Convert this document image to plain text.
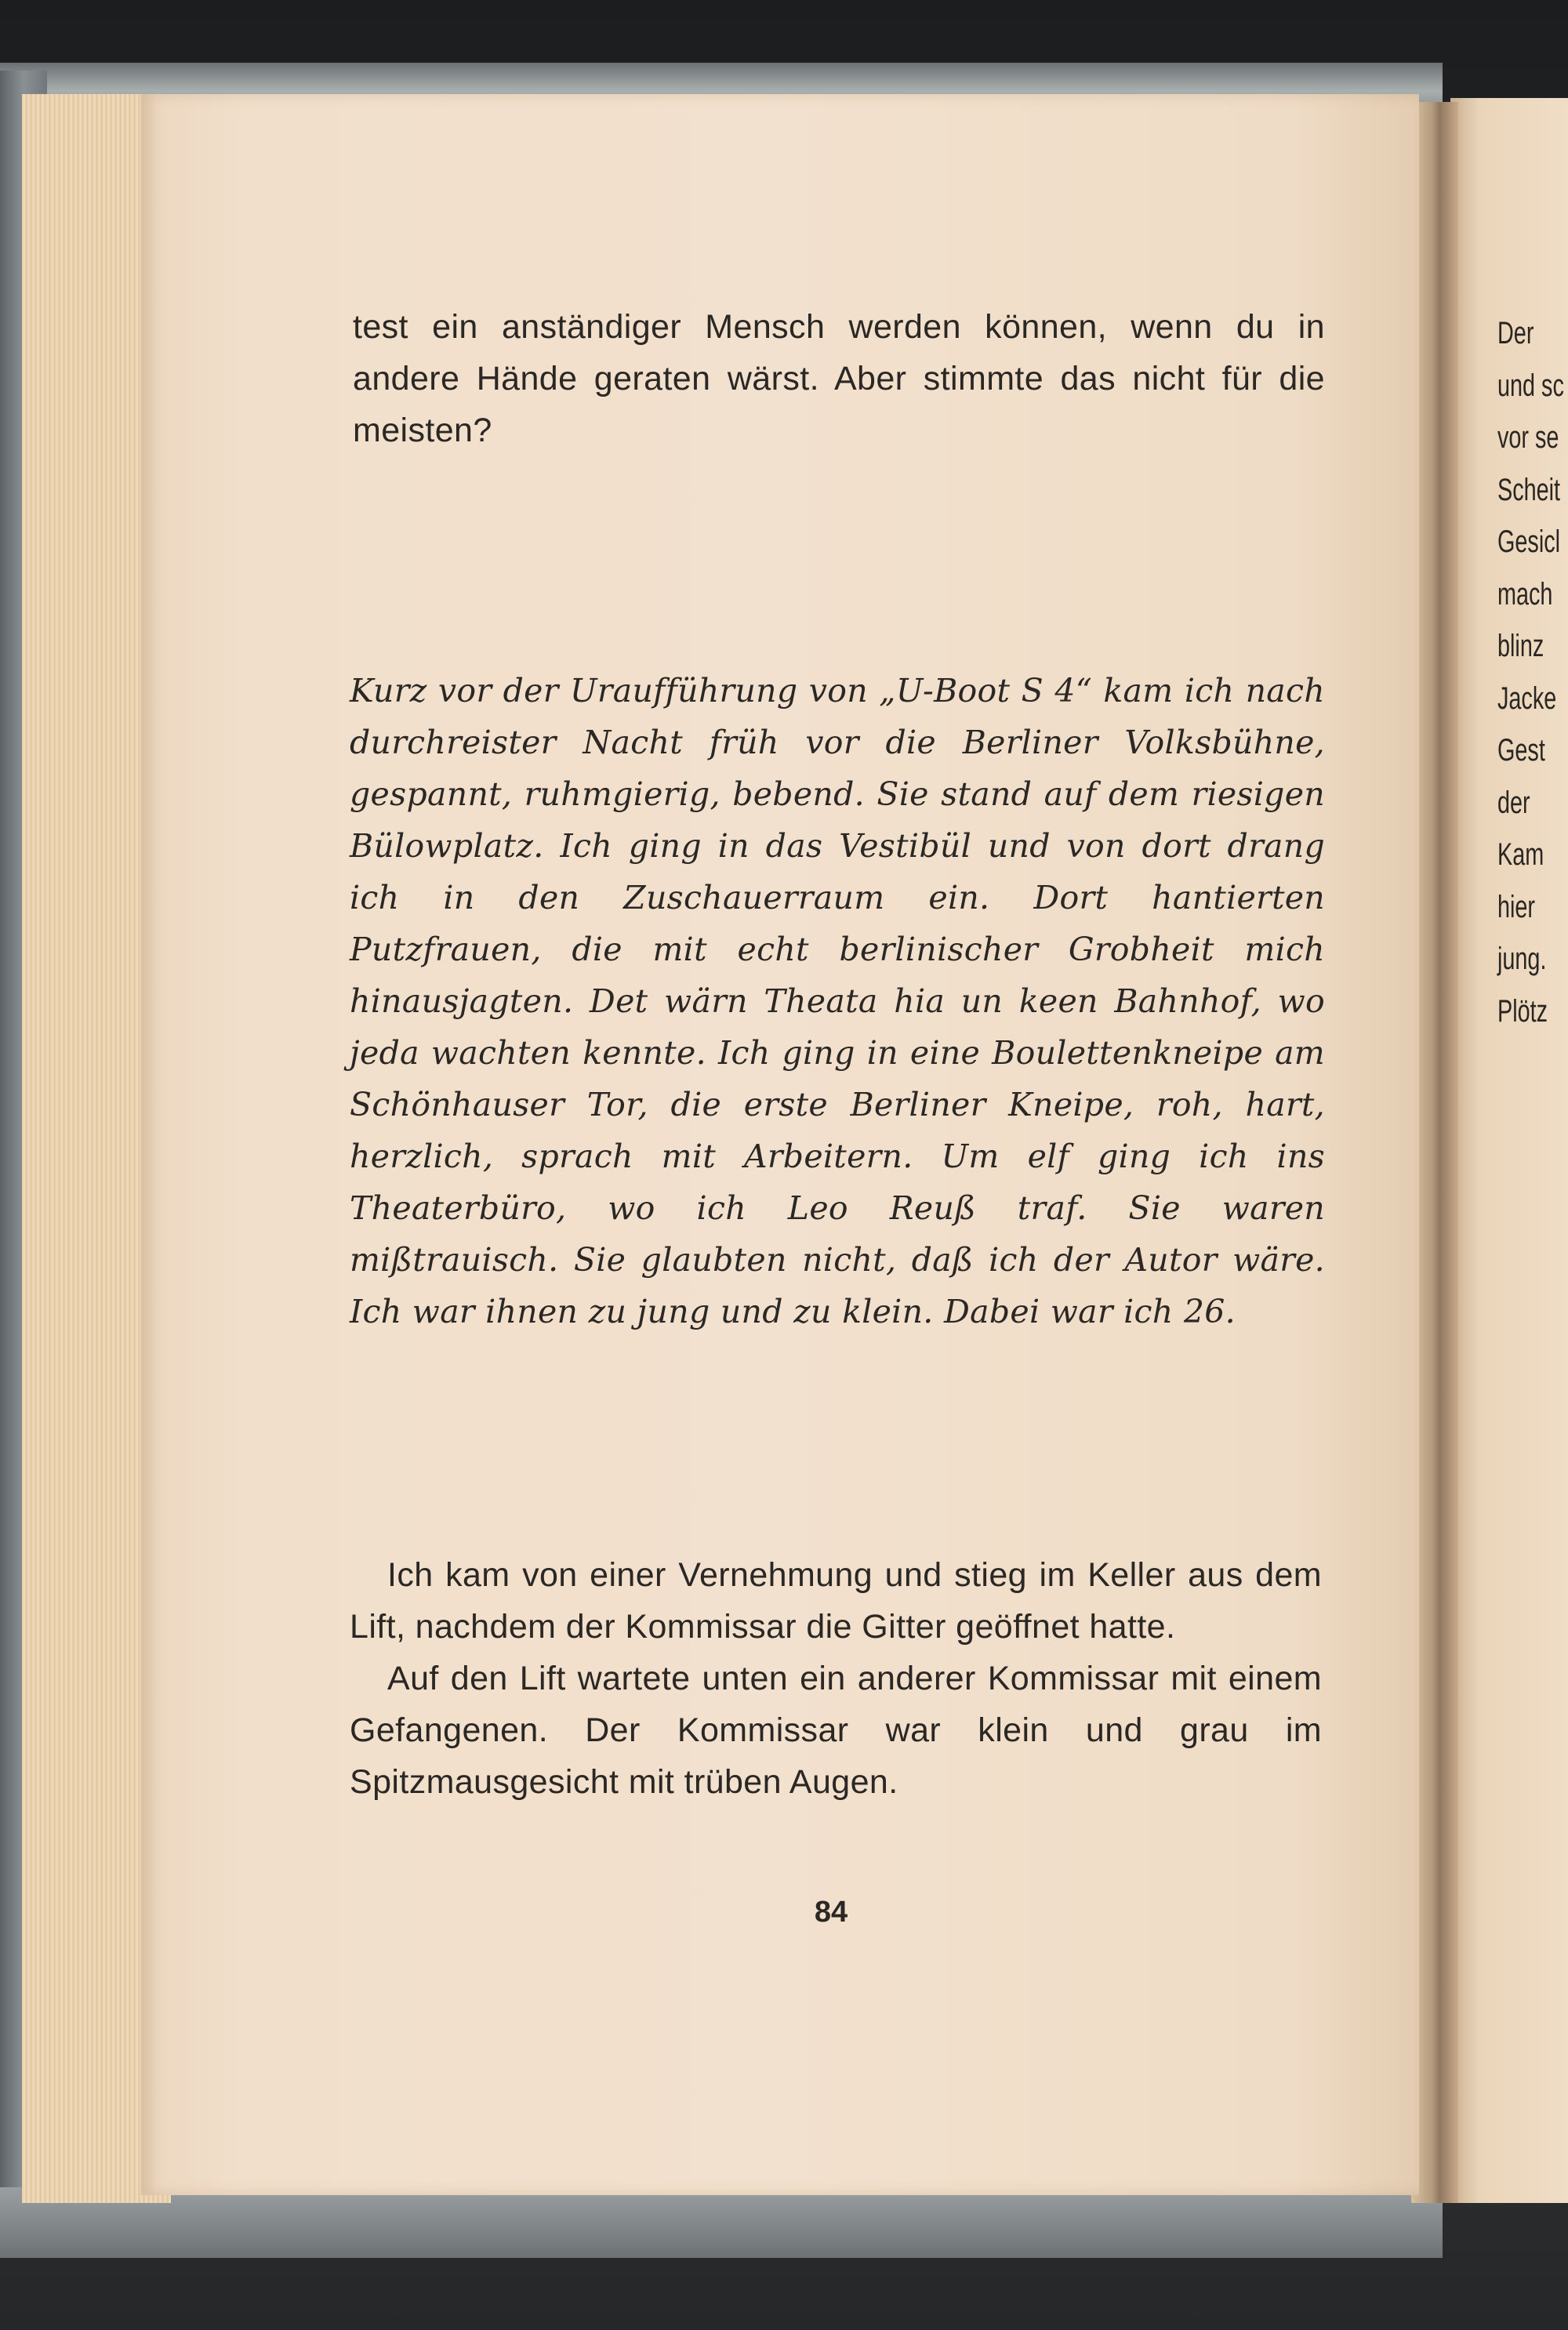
test ein anständiger Mensch werden können, wenn du in andere Hände geraten wärst. Aber stimmte das nicht für die meisten?

Kurz vor der Uraufführung von „U-Boot S 4“ kam ich nach durchreister Nacht früh vor die Berliner Volksbühne, gespannt, ruhmgierig, bebend. Sie stand auf dem riesigen Bülowplatz. Ich ging in das Vestibül und von dort drang ich in den Zuschauerraum ein. Dort hantierten Putzfrauen, die mit echt berlinischer Grobheit mich hinausjagten. Det wärn Theata hia un keen Bahnhof, wo jeda wachten kennte. Ich ging in eine Boulettenkneipe am Schönhauser Tor, die erste Berliner Kneipe, roh, hart, herzlich, sprach mit Arbeitern. Um elf ging ich ins Theaterbüro, wo ich Leo Reuß traf. Sie waren mißtrauisch. Sie glaubten nicht, daß ich der Autor wäre. Ich war ihnen zu jung und zu klein. Dabei war ich 26.

Ich kam von einer Vernehmung und stieg im Keller aus dem Lift, nachdem der Kommissar die Gitter geöffnet hatte.

Auf den Lift wartete unten ein anderer Kommissar mit einem Gefangenen. Der Kommissar war klein und grau im Spitzmausgesicht mit trüben Augen.

84

Der
und sc
vor se
Scheit
Gesicl
mach
blinz
Jacke
Gest
der
Kam
hier
jung.
Plötz
